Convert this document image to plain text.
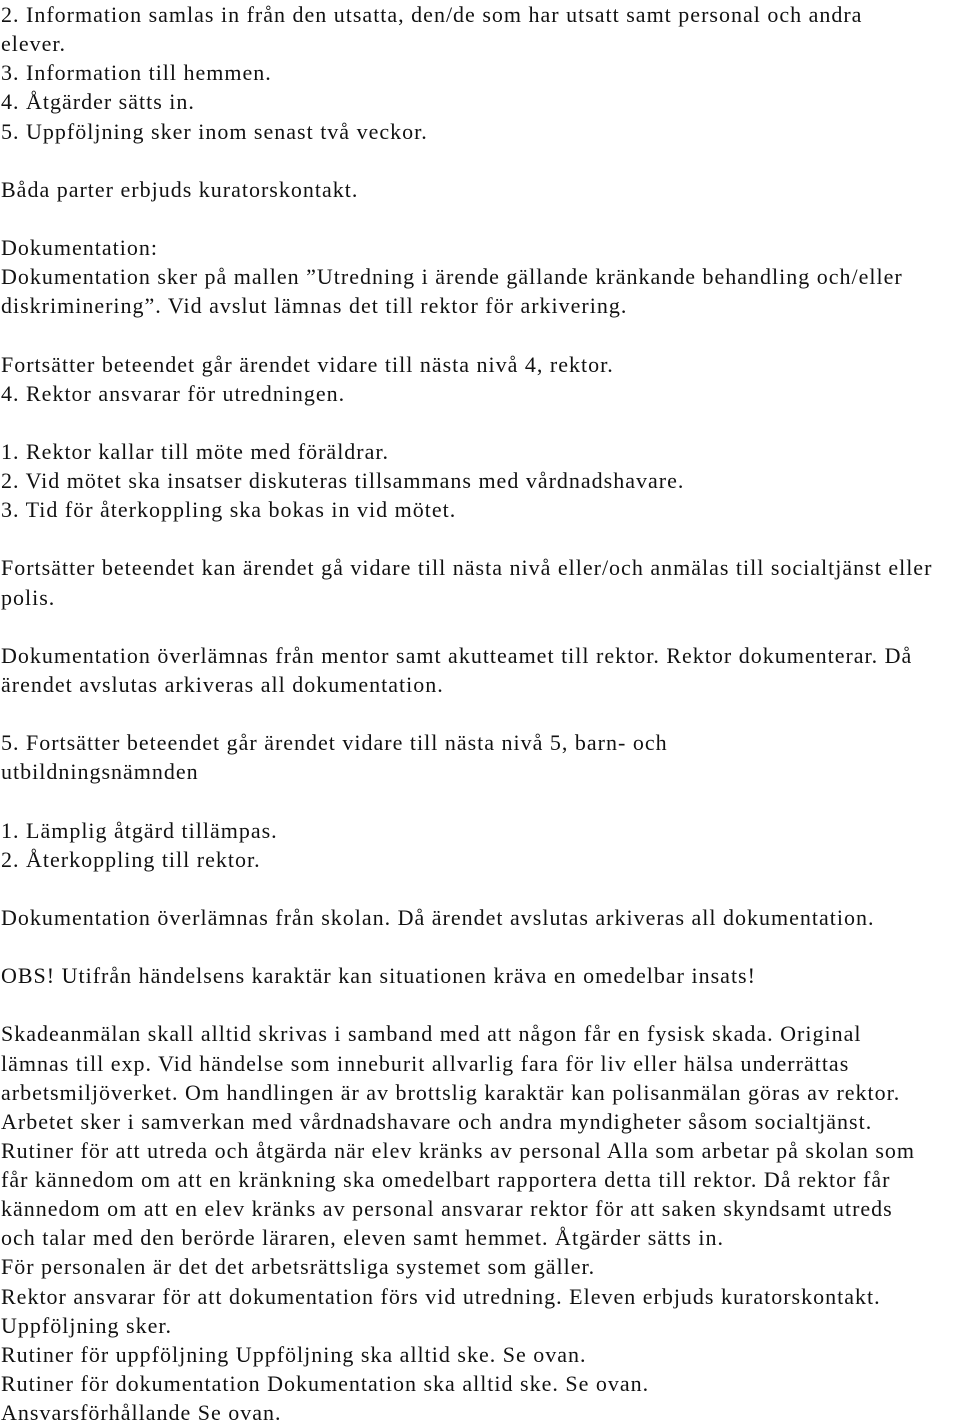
2. Information samlas in från den utsatta, den/de som har utsatt samt personal och andra
elever.
3. Information till hemmen.
4. Åtgärder sätts in.
5. Uppföljning sker inom senast två veckor.
Båda parter erbjuds kuratorskontakt.
Dokumentation:
Dokumentation sker på mallen ”Utredning i ärende gällande kränkande behandling och/eller
diskriminering”. Vid avslut lämnas det till rektor för arkivering.
Fortsätter beteendet går ärendet vidare till nästa nivå 4, rektor.
4. Rektor ansvarar för utredningen.
1. Rektor kallar till möte med föräldrar.
2. Vid mötet ska insatser diskuteras tillsammans med vårdnadshavare.
3. Tid för återkoppling ska bokas in vid mötet.
Fortsätter beteendet kan ärendet gå vidare till nästa nivå eller/och anmälas till socialtjänst eller
polis.
Dokumentation överlämnas från mentor samt akutteamet till rektor. Rektor dokumenterar. Då
ärendet avslutas arkiveras all dokumentation.
5. Fortsätter beteendet går ärendet vidare till nästa nivå 5, barn- och
utbildningsnämnden
1. Lämplig åtgärd tillämpas.
2. Återkoppling till rektor.
Dokumentation överlämnas från skolan. Då ärendet avslutas arkiveras all dokumentation.
OBS! Utifrån händelsens karaktär kan situationen kräva en omedelbar insats!
Skadeanmälan skall alltid skrivas i samband med att någon får en fysisk skada. Original
lämnas till exp. Vid händelse som inneburit allvarlig fara för liv eller hälsa underrättas
arbetsmiljöverket. Om handlingen är av brottslig karaktär kan polisanmälan göras av rektor.
Arbetet sker i samverkan med vårdnadshavare och andra myndigheter såsom socialtjänst.
Rutiner för att utreda och åtgärda när elev kränks av personal Alla som arbetar på skolan som
får kännedom om att en kränkning ska omedelbart rapportera detta till rektor. Då rektor får
kännedom om att en elev kränks av personal ansvarar rektor för att saken skyndsamt utreds
och talar med den berörde läraren, eleven samt hemmet. Åtgärder sätts in.
För personalen är det det arbetsrättsliga systemet som gäller.
Rektor ansvarar för att dokumentation förs vid utredning. Eleven erbjuds kuratorskontakt.
Uppföljning sker.
Rutiner för uppföljning Uppföljning ska alltid ske. Se ovan.
Rutiner för dokumentation Dokumentation ska alltid ske. Se ovan.
Ansvarsförhållande Se ovan.
